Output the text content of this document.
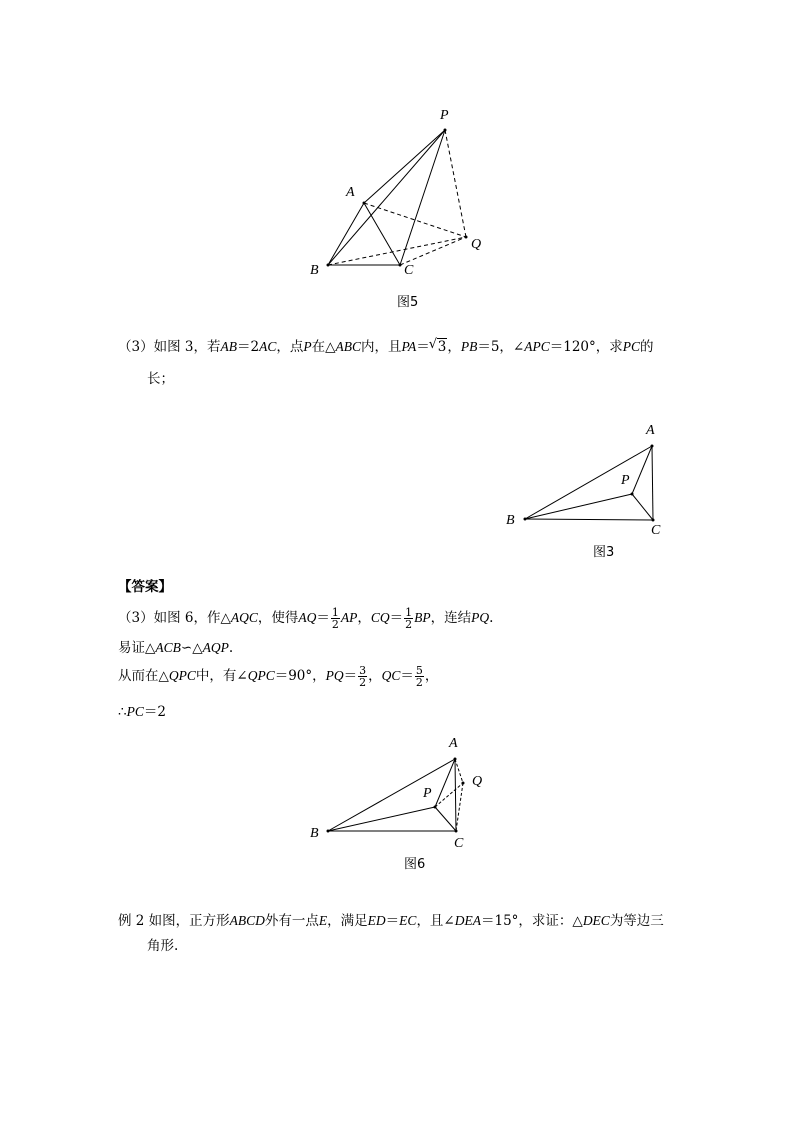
P
A
Q
B	C
图5
（3）如图 3，若AB＝2AC，点P在△ABC内，且PA＝√ 3，PB＝5，∠APC＝120°，求PC的
长；
A
P
B
C
图3
【答案】
（3）如图 6，作△AQC，使得$AQ= \frac{1}{2}$ AP，$CQ= \frac{1}{2}$ BP，连结PQ.
易证△ACB∽△AQP.
从而在△QPC中，有∠QPC＝90°，$PQ= \frac{3}{2}$ ，$QC= \frac{5}{2}$ ，
∴PC＝2
A
Q
P
B
C
图6
例 2 如图，正方形ABCD外有一点E，满足ED＝EC，且∠DEA＝15°，求证：△DEC为等边三
角形.
